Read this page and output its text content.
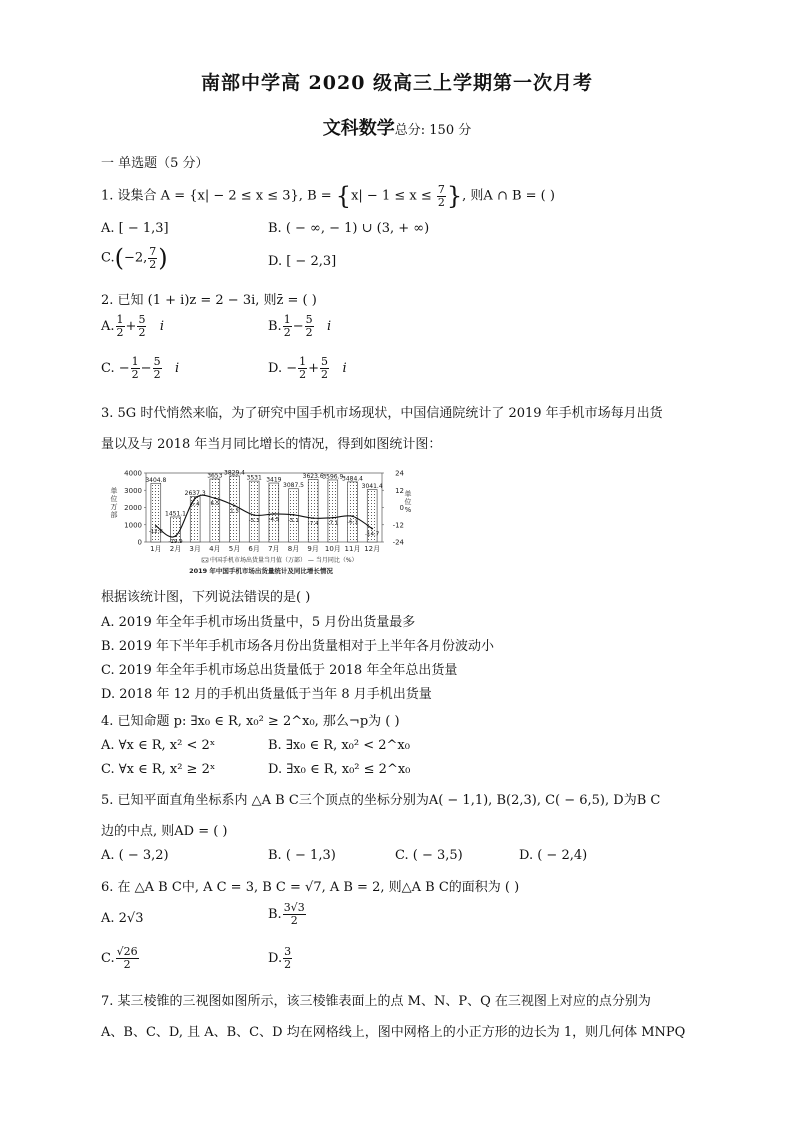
南部中学高 2020 级高三上学期第一次月考
文科数学总分: 150 分
一 单选题（5 分）
1. 设集合 A = {x| − 2 ≤ x ≤ 3}, $B = \{x| - 1 \le x \le \frac{7}{2}$ }, 则A ∩ B = ( )
A. [ − 1,3]	B. ( − ∞, − 1) ∪ (3, + ∞)
C.(−2, $\frac{7}{2}$ )	D. [ − 2,3]
2. 已知 (1 + i)z = 2 − 3i, 则z̄ = ( )
A. $\frac{1}{2} + \frac{5}{2}$ i	B. $\frac{1}{2} - \frac{5}{2}$ i
C. − $\frac{1}{2} - \frac{5}{2}$ i	D. − $\frac{1}{2} + \frac{5}{2}$ i
3. 5G 时代悄然来临，为了研究中国手机市场现状，中国信通院统计了 2019 年手机市场每月出货
量以及与 2018 年当月同比增长的情况，得到如图统计图：
0
1000
2000
3000
4000
-24
-12
0
12
24
单
位
万
部
单
位
%
3404.8
1月
1451.1
2月
2637.3
3月
3653
4月
3829.4
5月
3531
6月
3419
7月
3087.5
8月
3623.6
9月
3596.9
10月
3484.4
11月
3041.4
12月
-12.8
-19.9
6.4 6.5
1.3
-5.3 -4.5 -5.1
-7.4 -7.1 -6.1
-14.7
中国手机市场出货量当月值（万部） — 当月同比（%）
2019 年中国手机市场出货量统计及同比增长情况
根据该统计图，下列说法错误的是( )
A. 2019 年全年手机市场出货量中，5 月份出货量最多
B. 2019 年下半年手机市场各月份出货量相对于上半年各月份波动小
C. 2019 年全年手机市场总出货量低于 2018 年全年总出货量
D. 2018 年 12 月的手机出货量低于当年 8 月手机出货量
4. 已知命题 p: ∃x₀ ∈ R, x₀² ≥ 2^x₀, 那么¬p为 ( )
A. ∀x ∈ R, x² < 2ˣ	B. ∃x₀ ∈ R, x₀² < 2^x₀
C. ∀x ∈ R, x² ≥ 2ˣ	D. ∃x₀ ∈ R, x₀² ≤ 2^x₀
5. 已知平面直角坐标系内 △A B C三个顶点的坐标分别为A( − 1,1), B(2,3), C( − 6,5), D为B C
边的中点, 则AD = ( )
A. ( − 3,2)	B. ( − 1,3)	C. ( − 3,5)	D. ( − 2,4)
6. 在 △A B C中, A C = 3, B C = √7, A B = 2, 则△A B C的面积为 ( )
A. 2√3	B. $\frac{3√3}{2}$
C. $\frac{√26}{2}$	D. $\frac{3}{2}$
7. 某三棱锥的三视图如图所示，该三棱锥表面上的点 M、N、P、Q 在三视图上对应的点分别为
A、B、C、D, 且 A、B、C、D 均在网格线上，图中网格上的小正方形的边长为 1，则几何体 MNPQ
